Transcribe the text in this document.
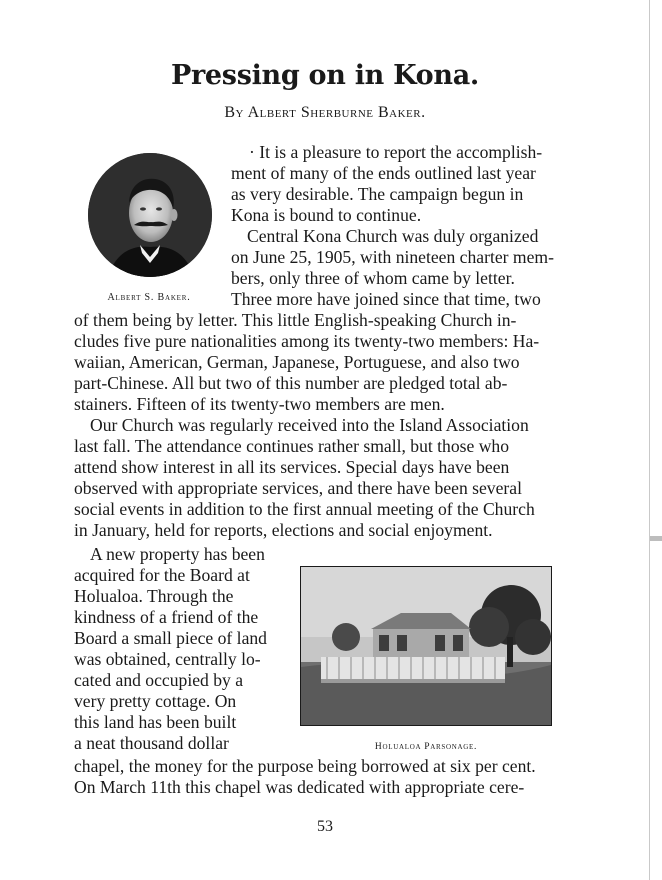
Pressing on in Kona.
By Albert Sherburne Baker.
Albert S. Baker.
· It is a pleasure to report the accomplish-
ment of many of the ends outlined last year
as very desirable. The campaign begun in
Kona is bound to continue.
Central Kona Church was duly organized
on June 25, 1905, with nineteen charter mem-
bers, only three of whom came by letter.
Three more have joined since that time, two
of them being by letter. This little English-speaking Church in-
cludes five pure nationalities among its twenty-two members: Ha-
waiian, American, German, Japanese, Portuguese, and also two
part-Chinese. All but two of this number are pledged total ab-
stainers. Fifteen of its twenty-two members are men.
Our Church was regularly received into the Island Association
last fall. The attendance continues rather small, but those who
attend show interest in all its services. Special days have been
observed with appropriate services, and there have been several
social events in addition to the first annual meeting of the Church
in January, held for reports, elections and social enjoyment.
A new property has been
acquired for the Board at
Holualoa. Through the
kindness of a friend of the
Board a small piece of land
was obtained, centrally lo-
cated and occupied by a
very pretty cottage. On
this land has been built
a neat thousand dollar
chapel, the money for the purpose being borrowed at six per cent.
On March 11th this chapel was dedicated with appropriate cere-
Holualoa Parsonage.
53
